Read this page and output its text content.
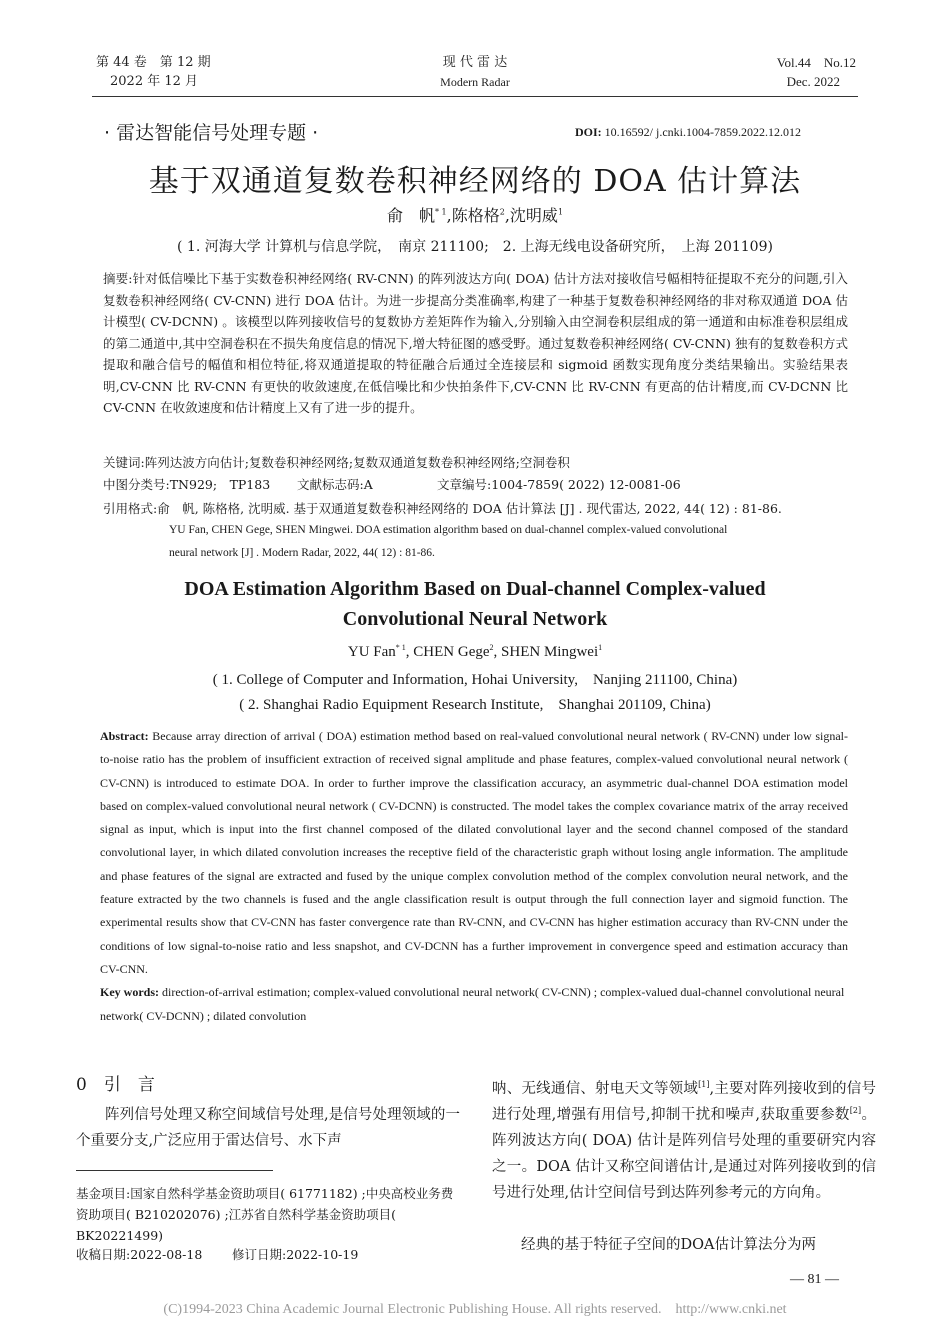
第 44 卷　第 12 期
2022 年 12 月
现 代 雷 达
Modern Radar
Vol.44　No.12
Dec. 2022
· 雷达智能信号处理专题 ·	DOI: 10.16592/ j.cnki.1004-7859.2022.12.012
基于双通道复数卷积神经网络的 DOA 估计算法
俞　帆$^{* 1}$,陈格格$^2$,沈明威$^1$
( 1. 河海大学 计算机与信息学院，　南京 211100;　2. 上海无线电设备研究所，　上海 201109)
摘要:针对低信噪比下基于实数卷积神经网络( RV-CNN) 的阵列波达方向( DOA) 估计方法对接收信号幅相特征提取不充分的问题,引入复数卷积神经网络( CV-CNN) 进行 DOA 估计。为进一步提高分类准确率,构建了一种基于复数卷积神经网络的非对称双通道 DOA 估计模型( CV-DCNN) 。该模型以阵列接收信号的复数协方差矩阵作为输入,分别输入由空洞卷积层组成的第一通道和由标准卷积层组成的第二通道中,其中空洞卷积在不损失角度信息的情况下,增大特征图的感受野。通过复数卷积神经网络( CV-CNN) 独有的复数卷积方式提取和融合信号的幅值和相位特征,将双通道提取的特征融合后通过全连接层和 sigmoid 函数实现角度分类结果输出。实验结果表明,CV-CNN 比 RV-CNN 有更快的收敛速度,在低信噪比和少快拍条件下,CV-CNN 比 RV-CNN 有更高的估计精度,而 CV-DCNN 比 CV-CNN 在收敛速度和估计精度上又有了进一步的提升。
关键词:阵列达波方向估计;复数卷积神经网络;复数双通道复数卷积神经网络;空洞卷积
中图分类号:TN929;　TP183 文献标志码:A	文章编号:1004-7859( 2022) 12-0081-06
引用格式:俞　帆, 陈格格, 沈明威. 基于双通道复数卷积神经网络的 DOA 估计算法 [J] . 现代雷达, 2022, 44( 12) : 81-86.
YU Fan, CHEN Gege, SHEN Mingwei. DOA estimation algorithm based on dual-channel complex-valued convolutional
neural network [J] . Modern Radar, 2022, 44( 12) : 81-86.
DOA Estimation Algorithm Based on Dual-channel Complex-valued
Convolutional Neural Network
YU Fan$^{* 1}$, CHEN Gege$^2$, SHEN Mingwei$^1$
( 1. College of Computer and Information, Hohai University,　Nanjing 211100, China)
( 2. Shanghai Radio Equipment Research Institute,　Shanghai 201109, China)
Abstract: Because array direction of arrival ( DOA) estimation method based on real-valued convolutional neural network ( RV-CNN) under low signal-to-noise ratio has the problem of insufficient extraction of received signal amplitude and phase features, complex-valued convolutional neural network ( CV-CNN) is introduced to estimate DOA. In order to further improve the classification accuracy, an asymmetric dual-channel DOA estimation model based on complex-valued convolutional neural network ( CV-DCNN) is constructed. The model takes the complex covariance matrix of the array received signal as input, which is input into the first channel composed of the dilated convolutional layer and the second channel composed of the standard convolutional layer, in which dilated convolution increases the receptive field of the characteristic graph without losing angle information. The amplitude and phase features of the signal are extracted and fused by the unique complex convolution method of the complex convolution neural network, and the feature extracted by the two channels is fused and the angle classification result is output through the full connection layer and sigmoid function. The experimental results show that CV-CNN has faster convergence rate than RV-CNN, and CV-CNN has higher estimation accuracy than RV-CNN under the conditions of low signal-to-noise ratio and less snapshot, and CV-DCNN has a further improvement in convergence speed and estimation accuracy than CV-CNN.
Key words: direction-of-arrival estimation; complex-valued convolutional neural network( CV-CNN) ; complex-valued dual-channel convolutional neural network( CV-DCNN) ; dilated convolution
0　引　言
阵列信号处理又称空间域信号处理,是信号处理领域的一个重要分支,广泛应用于雷达信号、水下声
基金项目:国家自然科学基金资助项目( 61771182) ;中央高校业务费资助项目( B210202076) ;江苏省自然科学基金资助项目( BK20221499)
收稿日期:2022-08-18 修订日期:2022-10-19
呐、无线通信、射电天文等领域[1],主要对阵列接收到的信号进行处理,增强有用信号,抑制干扰和噪声,获取重要参数[2]。阵列波达方向( DOA) 估计是阵列信号处理的重要研究内容之一。DOA 估计又称空间谱估计,是通过对阵列接收到的信号进行处理,估计空间信号到达阵列参考元的方向角。
经典的基于特征子空间的DOA估计算法分为两
— 81 —
(C)1994-2023 China Academic Journal Electronic Publishing House. All rights reserved.　http://www.cnki.net
